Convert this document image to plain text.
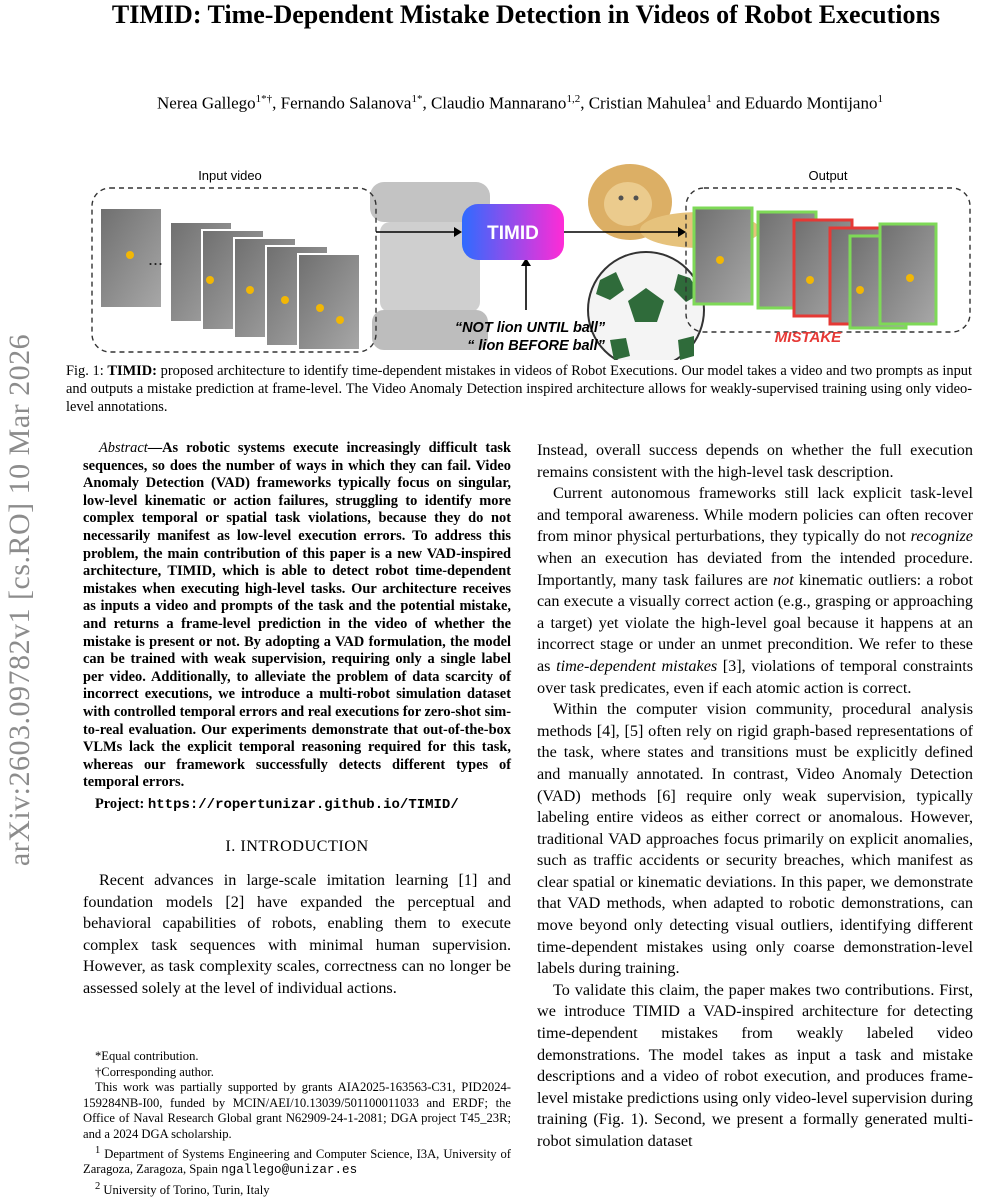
arXiv:2603.09782v1 [cs.RO] 10 Mar 2026
TIMID: Time-Dependent Mistake Detection in Videos of Robot Executions
Nerea Gallego$^{1*\dagger}$, Fernando Salanova$^{1*}$, Claudio Mannarano$^{1,2}$, Cristian Mahulea$^1$ and Eduardo Montijano$^1$
Input video
...
TIMID
“NOT lion UNTIL ball”
“ lion BEFORE ball”
Output
MISTAKE
Fig. 1: TIMID: proposed architecture to identify time-dependent mistakes in videos of Robot Executions. Our model takes a video and two prompts as input and outputs a mistake prediction at frame-level. The Video Anomaly Detection inspired architecture allows for weakly-supervised training using only video-level annotations.
Abstract—As robotic systems execute increasingly difficult task sequences, so does the number of ways in which they can fail. Video Anomaly Detection (VAD) frameworks typically focus on singular, low-level kinematic or action failures, struggling to identify more complex temporal or spatial task violations, because they do not necessarily manifest as low-level execution errors. To address this problem, the main contribution of this paper is a new VAD-inspired architecture, TIMID, which is able to detect robot time-dependent mistakes when executing high-level tasks. Our architecture receives as inputs a video and prompts of the task and the potential mistake, and returns a frame-level prediction in the video of whether the mistake is present or not. By adopting a VAD formulation, the model can be trained with weak supervision, requiring only a single label per video. Additionally, to alleviate the problem of data scarcity of incorrect executions, we introduce a multi-robot simulation dataset with controlled temporal errors and real executions for zero-shot sim-to-real evaluation. Our experiments demonstrate that out-of-the-box VLMs lack the explicit temporal reasoning required for this task, whereas our framework successfully detects different types of temporal errors.
Project: https://ropertunizar.github.io/TIMID/
I. INTRODUCTION

Recent advances in large-scale imitation learning [1] and foundation models [2] have expanded the perceptual and behavioral capabilities of robots, enabling them to execute complex task sequences with minimal human supervision. However, as task complexity scales, correctness can no longer be assessed solely at the level of individual actions.

*Equal contribution.
†Corresponding author.
This work was partially supported by grants AIA2025-163563-C31, PID2024-159284NB-I00, funded by MCIN/AEI/10.13039/501100011033 and ERDF; the Office of Naval Research Global grant N62909-24-1-2081; DGA project T45_23R; and a 2024 DGA scholarship.
$^1$ Department of Systems Engineering and Computer Science, I3A, University of Zaragoza, Zaragoza, Spain ngallego@unizar.es
$^2$ University of Torino, Turin, Italy
Instead, overall success depends on whether the full execution remains consistent with the high-level task description.

Current autonomous frameworks still lack explicit task-level and temporal awareness. While modern policies can often recover from minor physical perturbations, they typically do not recognize when an execution has deviated from the intended procedure. Importantly, many task failures are not kinematic outliers: a robot can execute a visually correct action (e.g., grasping or approaching a target) yet violate the high-level goal because it happens at an incorrect stage or under an unmet precondition. We refer to these as time-dependent mistakes [3], violations of temporal constraints over task predicates, even if each atomic action is correct.

Within the computer vision community, procedural analysis methods [4], [5] often rely on rigid graph-based representations of the task, where states and transitions must be explicitly defined and manually annotated. In contrast, Video Anomaly Detection (VAD) methods [6] require only weak supervision, typically labeling entire videos as either correct or anomalous. However, traditional VAD approaches focus primarily on explicit anomalies, such as traffic accidents or security breaches, which manifest as clear spatial or kinematic deviations. In this paper, we demonstrate that VAD methods, when adapted to robotic demonstrations, can move beyond only detecting visual outliers, identifying different time-dependent mistakes using only coarse demonstration-level labels during training.

To validate this claim, the paper makes two contributions. First, we introduce TIMID a VAD-inspired architecture for detecting time-dependent mistakes from weakly labeled video demonstrations. The model takes as input a task and mistake descriptions and a video of robot execution, and produces frame-level mistake predictions using only video-level supervision during training (Fig. 1). Second, we present a formally generated multi-robot simulation dataset
